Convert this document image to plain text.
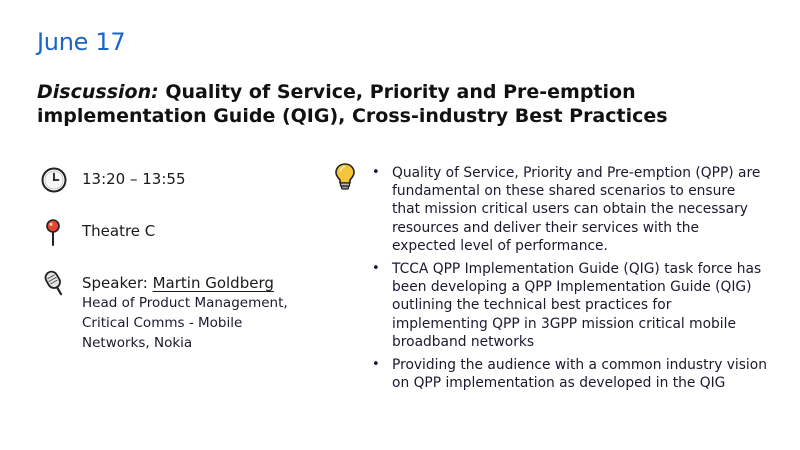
June 17
Discussion: Quality of Service, Priority and Pre-emption implementation Guide (QIG), Cross-industry Best Practices
13:20 – 13:55
Theatre C
Speaker: Martin Goldberg
Head of Product Management, Critical Comms - Mobile Networks, Nokia
• Quality of Service, Priority and Pre-emption (QPP) are fundamental on these shared scenarios to ensure that mission critical users can obtain the necessary resources and deliver their services with the expected level of performance.
• TCCA QPP Implementation Guide (QIG) task force has been developing a QPP Implementation Guide (QIG) outlining the technical best practices for implementing QPP in 3GPP mission critical mobile broadband networks
• Providing the audience with a common industry vision on QPP implementation as developed in the QIG
